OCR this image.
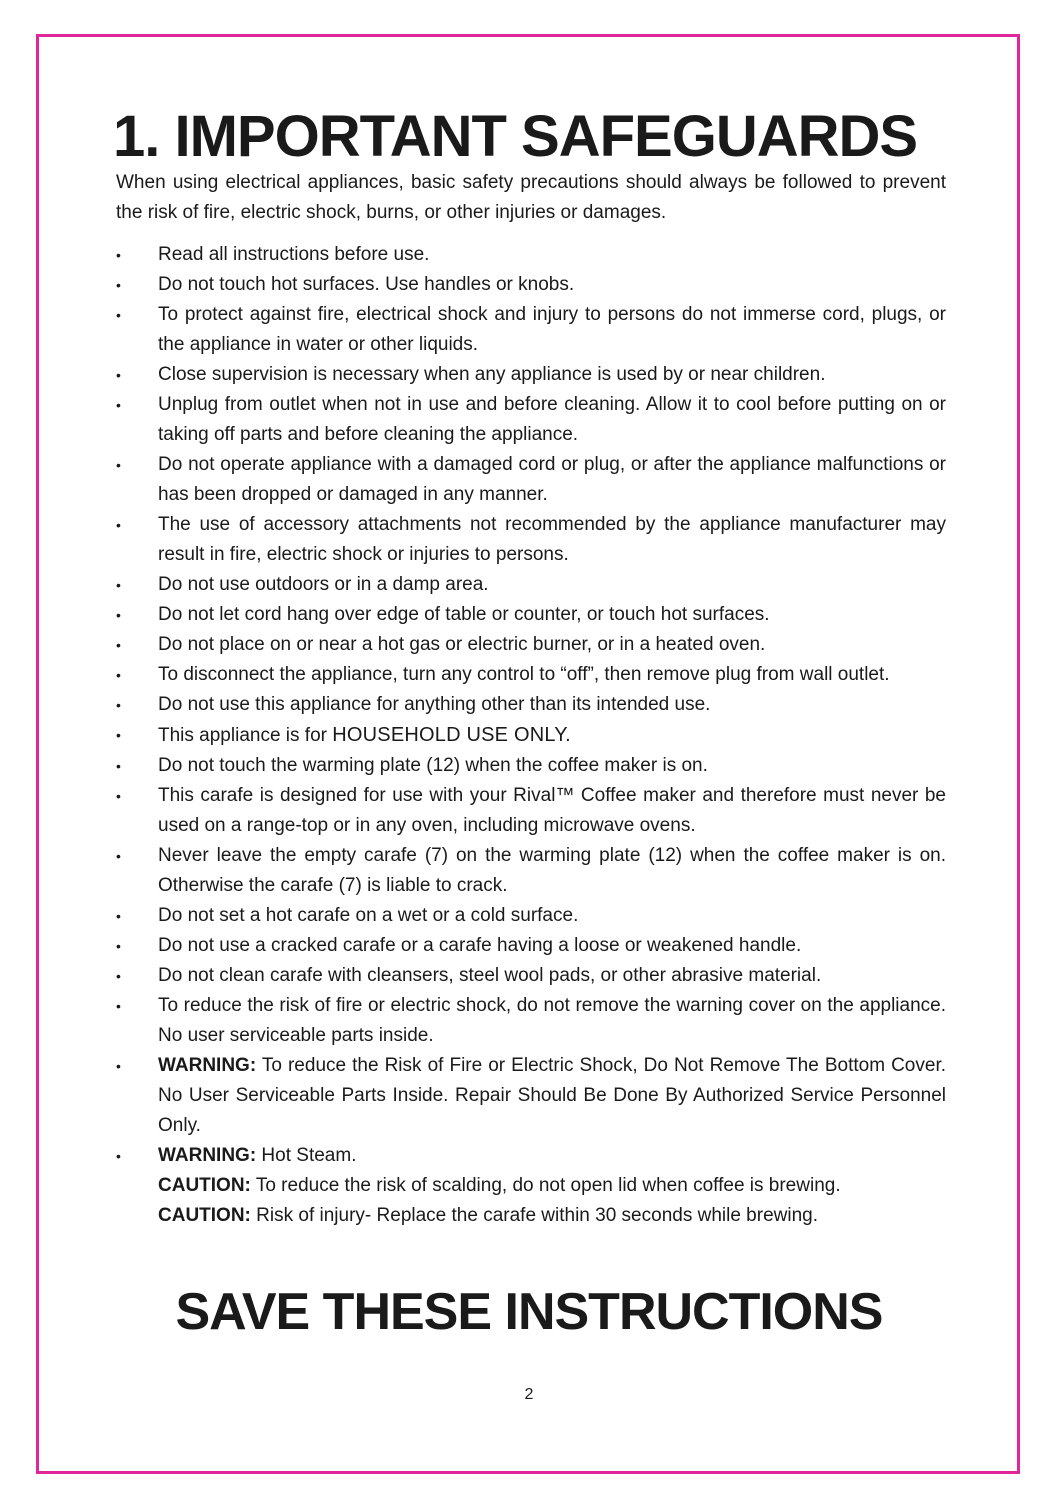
1. IMPORTANT SAFEGUARDS

When using electrical appliances, basic safety precautions should always be followed to prevent the risk of fire, electric shock, burns, or other injuries or damages.

• Read all instructions before use.
• Do not touch hot surfaces. Use handles or knobs.
• To protect against fire, electrical shock and injury to persons do not immerse cord, plugs, or the appliance in water or other liquids.
• Close supervision is necessary when any appliance is used by or near children.
• Unplug from outlet when not in use and before cleaning. Allow it to cool before putting on or taking off parts and before cleaning the appliance.
• Do not operate appliance with a damaged cord or plug, or after the appliance malfunctions or has been dropped or damaged in any manner.
• The use of accessory attachments not recommended by the appliance manufacturer may result in fire, electric shock or injuries to persons.
• Do not use outdoors or in a damp area.
• Do not let cord hang over edge of table or counter, or touch hot surfaces.
• Do not place on or near a hot gas or electric burner, or in a heated oven.
• To disconnect the appliance, turn any control to “off”, then remove plug from wall outlet.
• Do not use this appliance for anything other than its intended use.
• This appliance is for HOUSEHOLD USE ONLY.
• Do not touch the warming plate (12) when the coffee maker is on.
• This carafe is designed for use with your Rival™ Coffee maker and therefore must never be used on a range-top or in any oven, including microwave ovens.
• Never leave the empty carafe (7) on the warming plate (12) when the coffee maker is on. Otherwise the carafe (7) is liable to crack.
• Do not set a hot carafe on a wet or a cold surface.
• Do not use a cracked carafe or a carafe having a loose or weakened handle.
• Do not clean carafe with cleansers, steel wool pads, or other abrasive material.
• To reduce the risk of fire or electric shock, do not remove the warning cover on the appliance. No user serviceable parts inside.
• WARNING: To reduce the Risk of Fire or Electric Shock, Do Not Remove The Bottom Cover. No User Serviceable Parts Inside. Repair Should Be Done By Authorized Service Personnel Only.
• WARNING: Hot Steam.
CAUTION: To reduce the risk of scalding, do not open lid when coffee is brewing.
CAUTION: Risk of injury- Replace the carafe within 30 seconds while brewing.
SAVE THESE INSTRUCTIONS
2
